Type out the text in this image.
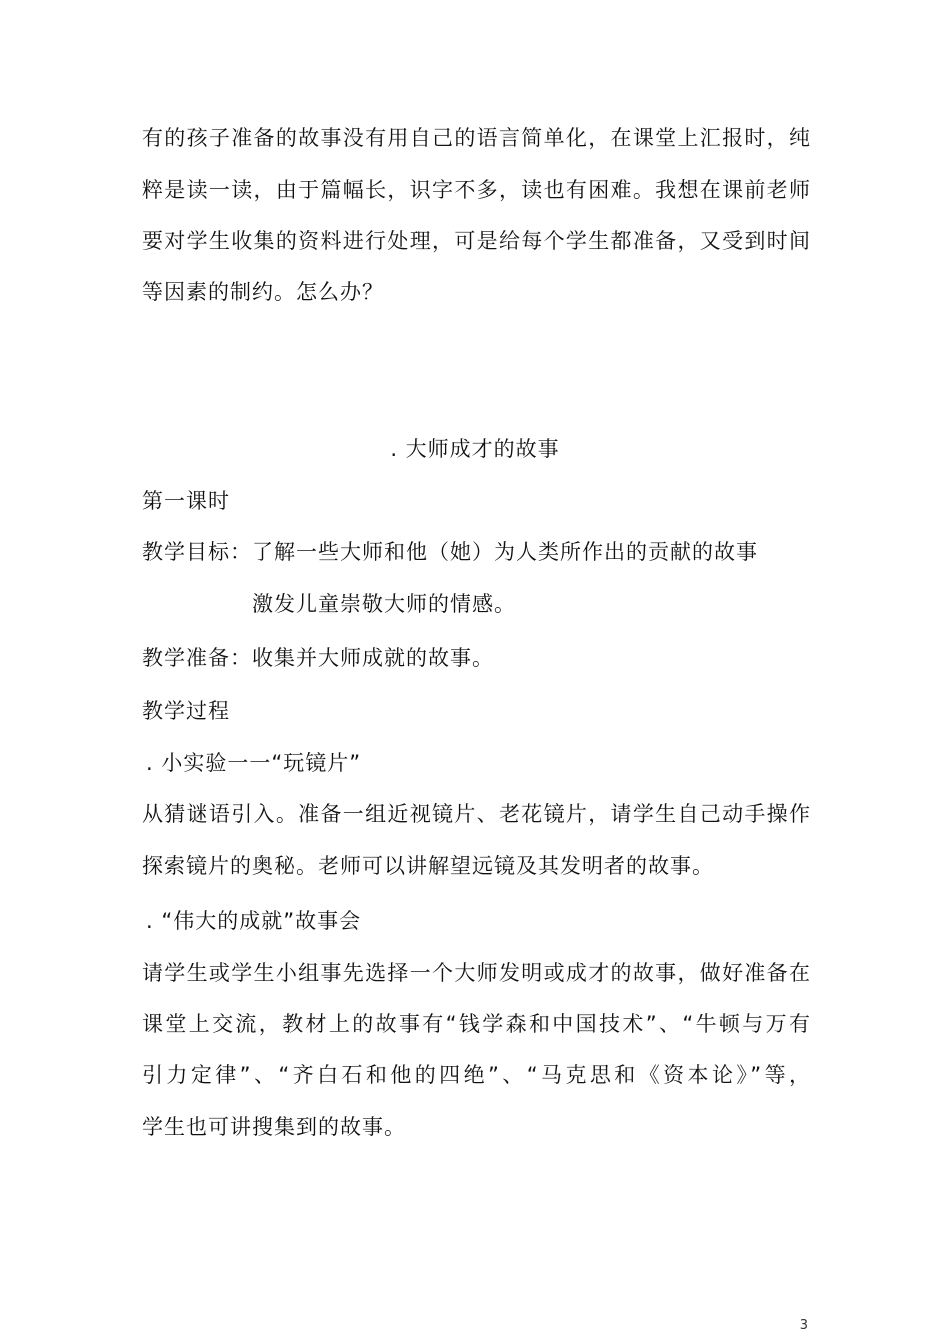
有的孩子准备的故事没有用自己的语言简单化，在课堂上汇报时，纯
粹是读一读，由于篇幅长，识字不多，读也有困难。我想在课前老师
要对学生收集的资料进行处理，可是给每个学生都准备，又受到时间
等因素的制约。怎么办？
. 大师成才的故事
第一课时
教学目标：了解一些大师和他（她）为人类所作出的贡献的故事
激发儿童崇敬大师的情感。
教学准备：收集并大师成就的故事。
教学过程
. 小实验一一“玩镜片”
从猜谜语引入。准备一组近视镜片、老花镜片，请学生自己动手操作
探索镜片的奥秘。老师可以讲解望远镜及其发明者的故事。
. “伟大的成就”故事会
请学生或学生小组事先选择一个大师发明或成才的故事，做好准备在
课堂上交流，教材上的故事有“钱学森和中国技术”、“牛顿与万有
引力定律”、“齐白石和他的四绝”、“马克思和《资本论》”等，
学生也可讲搜集到的故事。
3
